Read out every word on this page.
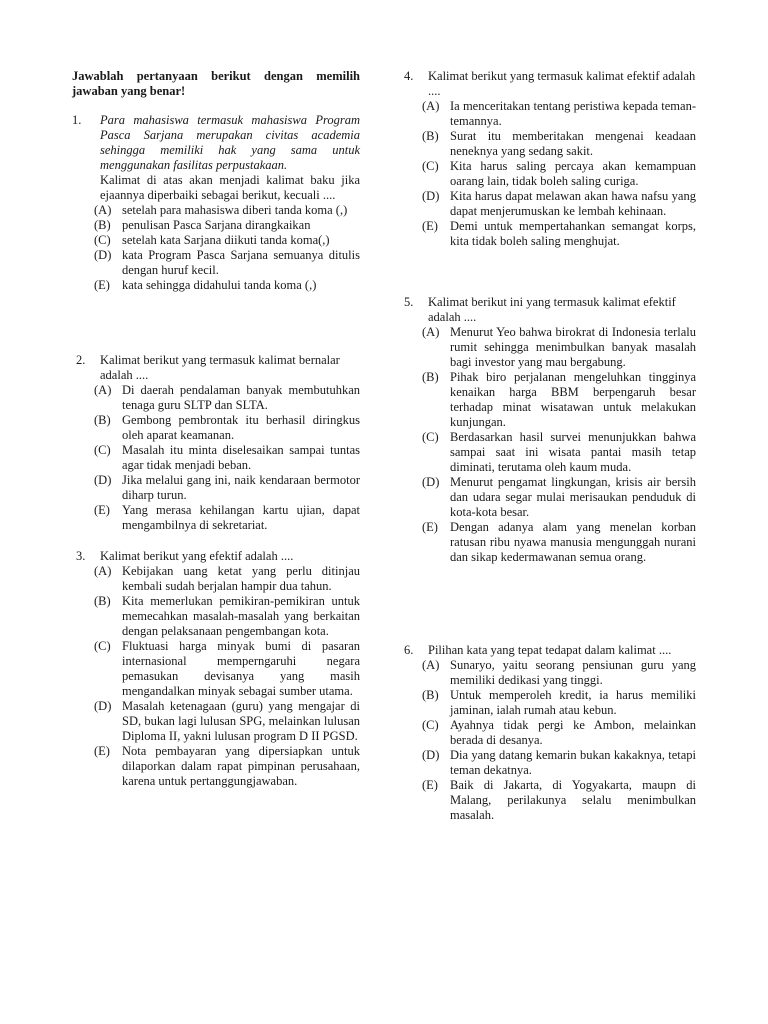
Jawablah pertanyaan berikut dengan memilih jawaban yang benar!
1.	Para mahasiswa termasuk mahasiswa Program Pasca Sarjana merupakan civitas academia sehingga memiliki hak yang sama untuk menggunakan fasilitas perpustakaan.
Kalimat di atas akan menjadi kalimat baku jika ejaannya diperbaiki sebagai berikut, kecuali ....
(A) setelah para mahasiswa diberi tanda koma (,)
(B) penulisan Pasca Sarjana dirangkaikan
(C) setelah kata Sarjana diikuti tanda koma(,)
(D) kata Program Pasca Sarjana semuanya ditulis dengan huruf kecil.
(E) kata sehingga didahului tanda koma (,)
2. Kalimat berikut yang termasuk kalimat bernalar adalah ....
(A) Di daerah pendalaman banyak membutuhkan tenaga guru SLTP dan SLTA.
(B) Gembong pembrontak itu berhasil diringkus oleh aparat keamanan.
(C) Masalah itu minta diselesaikan sampai tuntas agar tidak menjadi beban.
(D) Jika melalui gang ini, naik kendaraan bermotor diharp turun.
(E) Yang merasa kehilangan kartu ujian, dapat mengambilnya di sekretariat.
3. Kalimat berikut yang efektif adalah ....
(A) Kebijakan uang ketat yang perlu ditinjau kembali sudah berjalan hampir dua tahun.
(B) Kita memerlukan pemikiran-pemikiran untuk memecahkan masalah-masalah yang berkaitan dengan pelaksanaan pengembangan kota.
(C) Fluktuasi harga minyak bumi di pasaran internasional memperngaruhi negara pemasukan devisanya yang masih mengandalkan minyak sebagai sumber utama.
(D) Masalah ketenagaan (guru) yang mengajar di SD, bukan lagi lulusan SPG, melainkan lulusan Diploma II, yakni lulusan program D II PGSD.
(E) Nota pembayaran yang dipersiapkan untuk dilaporkan dalam rapat pimpinan perusahaan, karena untuk pertanggungjawaban.
4. Kalimat berikut yang termasuk kalimat efektif adalah ....
(A) Ia menceritakan tentang peristiwa kepada teman-temannya.
(B) Surat itu memberitakan mengenai keadaan neneknya yang sedang sakit.
(C) Kita harus saling percaya akan kemampuan oarang lain, tidak boleh saling curiga.
(D) Kita harus dapat melawan akan hawa nafsu yang dapat menjerumuskan ke lembah kehinaan.
(E) Demi untuk mempertahankan semangat korps, kita tidak boleh saling menghujat.
5. Kalimat berikut ini yang termasuk kalimat efektif adalah ....
(A) Menurut Yeo bahwa birokrat di Indonesia terlalu rumit sehingga menimbulkan banyak masalah bagi investor yang mau bergabung.
(B) Pihak biro perjalanan mengeluhkan tingginya kenaikan harga BBM berpengaruh besar terhadap minat wisatawan untuk melakukan kunjungan.
(C) Berdasarkan hasil survei menunjukkan bahwa sampai saat ini wisata pantai masih tetap diminati, terutama oleh kaum muda.
(D) Menurut pengamat lingkungan, krisis air bersih dan udara segar mulai merisaukan penduduk di kota-kota besar.
(E) Dengan adanya alam yang menelan korban ratusan ribu nyawa manusia mengunggah nurani dan sikap kedermawanan semua orang.
6. Pilihan kata yang tepat tedapat dalam kalimat ....
(A) Sunaryo, yaitu seorang pensiunan guru yang memiliki dedikasi yang tinggi.
(B) Untuk memperoleh kredit, ia harus memiliki jaminan, ialah rumah atau kebun.
(C) Ayahnya tidak pergi ke Ambon, melainkan berada di desanya.
(D) Dia yang datang kemarin bukan kakaknya, tetapi teman dekatnya.
(E) Baik di Jakarta, di Yogyakarta, maupn di Malang, perilakunya selalu menimbulkan masalah.
